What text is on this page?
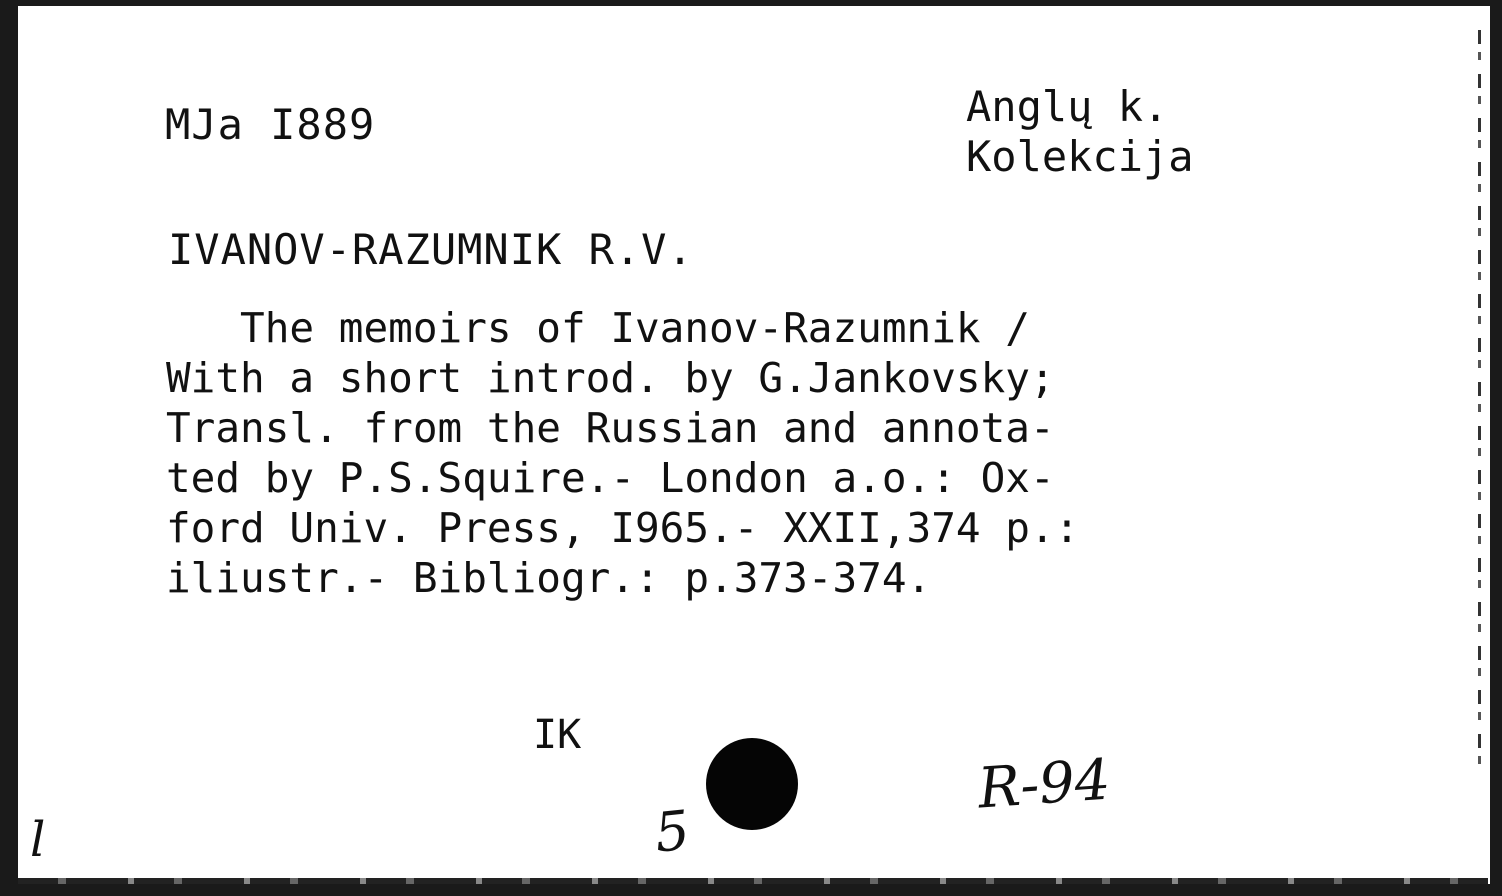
MJa I889	Anglų k.
Kolekcija
IVANOV-RAZUMNIK R.V.
The memoirs of Ivanov-Razumnik /
With a short introd. by G.Jankovsky;
Transl. from the Russian and annota-
ted by P.S.Squire.- London a.o.: Ox-
ford Univ. Press, I965.- XXII,374 p.:
iliustr.- Bibliogr.: p.373-374.
IK
R-94
5
l
